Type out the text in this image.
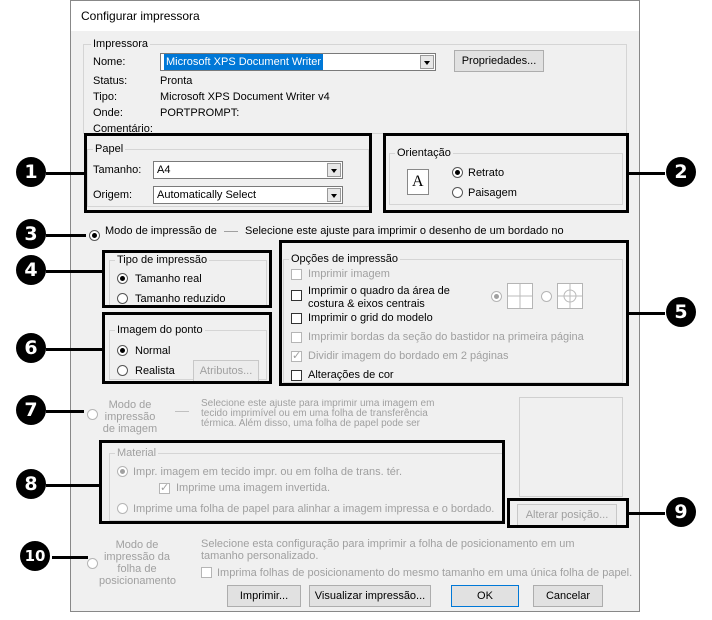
Configurar impressora
Impressora
Nome:	Microsoft XPS Document Writer	Propriedades...
Status:	Pronta
Tipo:	Microsoft XPS Document Writer v4
Onde:	PORTPROMPT:
Comentário:
Papel
Tamanho:	A4
Origem:	Automatically Select
Orientação
A	Retrato
Paisagem
Modo de impressão de	Selecione este ajuste para imprimir o desenho de um bordado no
Tipo de impressão
Tamanho real
Tamanho reduzido
Imagem do ponto
Normal
Realista	Atributos...
Opções de impressão
Imprimir imagem
Imprimir o quadro da área de costura & eixos centrais
Imprimir o grid do modelo
Imprimir bordas da seção do bastidor na primeira página
✓
Dividir imagem do bordado em 2 páginas
Alterações de cor
Modo de impressão de imagem
Selecione este ajuste para imprimir uma imagem em tecido imprimível ou em uma folha de transferência térmica. Além disso, uma folha de papel pode ser
Material
Impr. imagem em tecido impr. ou em folha de trans. tér.
✓
Imprime uma imagem invertida.
Imprime uma folha de papel para alinhar a imagem impressa e o bordado.	Alterar posição...
Modo de impressão da folha de posicionamento
Selecione esta configuração para imprimir a folha de posicionamento em um tamanho personalizado.
Imprima folhas de posicionamento do mesmo tamanho em uma única folha de papel.
Imprimir...	Visualizar impressão...	OK	Cancelar
1	2
3
4
5
6
7
8
9
10
